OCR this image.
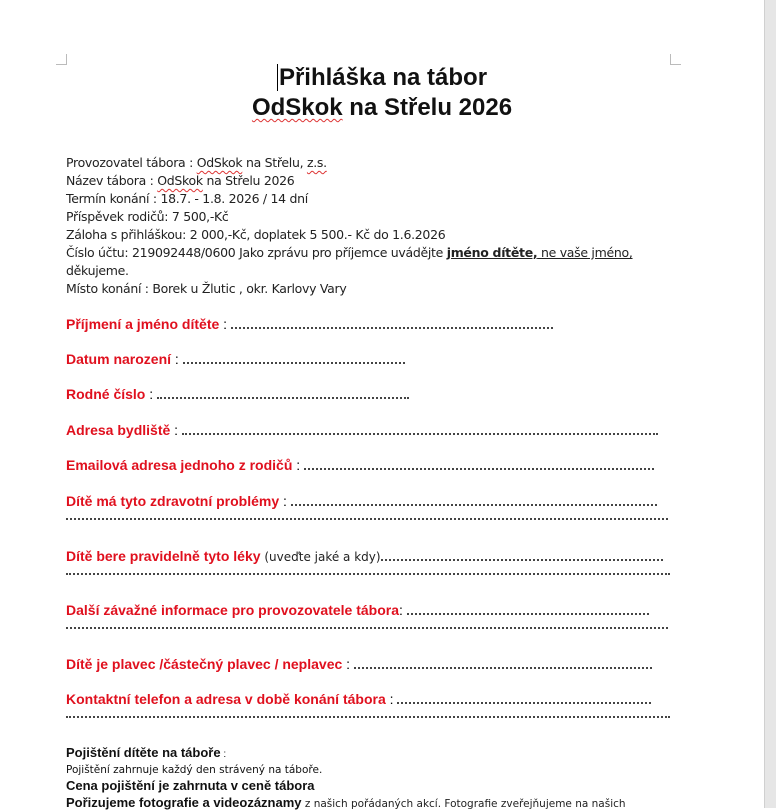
Přihláška na tábor
OdSkok na Střelu 2026
Provozovatel tábora : OdSkok na Střelu, z.s.
Název tábora : OdSkok na Střelu 2026
Termín konání : 18.7. - 1.8. 2026 / 14 dní
Příspěvek rodičů: 7 500,-Kč
Záloha s přihláškou: 2 000,-Kč, doplatek 5 500.- Kč do 1.6.2026
Číslo účtu: 219092448/0600 Jako zprávu pro příjemce uvádějte jméno dítěte, ne vaše jméno,
děkujeme.
Místo konání : Borek u Žlutic , okr. Karlovy Vary
Příjmení a jméno dítěte :
Datum narození :
Rodné číslo :
Adresa bydliště :
Emailová adresa jednoho z rodičů :
Dítě má tyto zdravotní problémy :
Dítě bere pravidelně tyto léky (uveďte jaké a kdy)
Další závažné informace pro provozovatele tábora:
Dítě je plavec /částečný plavec / neplavec :
Kontaktní telefon a adresa v době konání tábora :
Pojištění dítěte na táboře :
Pojištění zahrnuje každý den strávený na táboře.
Cena pojištění je zahrnuta v ceně tábora
Pořizujeme fotografie a videozáznamy z našich pořádaných akcí. Fotografie zveřejňujeme na našich
